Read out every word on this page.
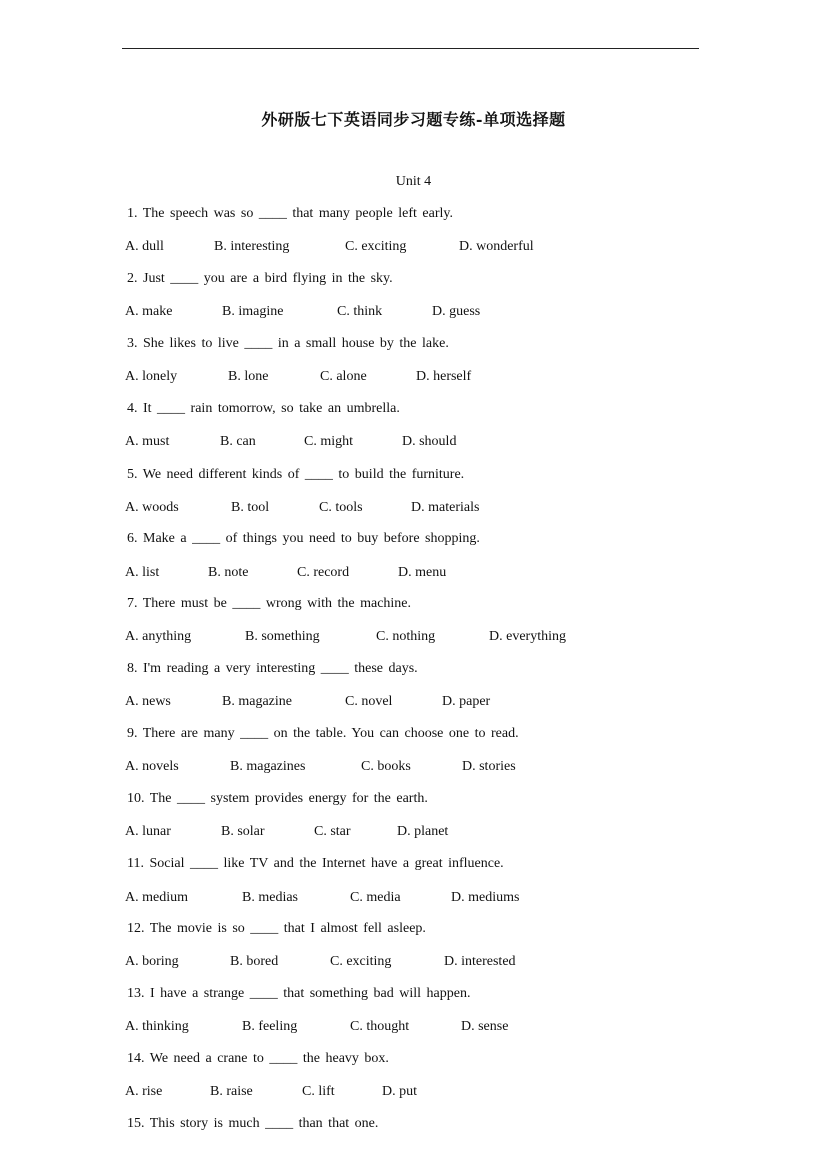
外研版七下英语同步习题专练-单项选择题
Unit 4
1. The speech was so ____ that many people left early.
A. dull	B. interesting	C. exciting	D. wonderful
2. Just ____ you are a bird flying in the sky.
A. make	B. imagine	C. think	D. guess
3. She likes to live ____ in a small house by the lake.
A. lonely	B. lone	C. alone	D. herself
4. It ____ rain tomorrow, so take an umbrella.
A. must	B. can	C. might	D. should
5. We need different kinds of ____ to build the furniture.
A. woods	B. tool	C. tools	D. materials
6. Make a ____ of things you need to buy before shopping.
A. list	B. note	C. record	D. menu
7. There must be ____ wrong with the machine.
A. anything	B. something	C. nothing	D. everything
8. I'm reading a very interesting ____ these days.
A. news	B. magazine	C. novel	D. paper
9. There are many ____ on the table. You can choose one to read.
A. novels	B. magazines	C. books	D. stories
10. The ____ system provides energy for the earth.
A. lunar	B. solar	C. star	D. planet
11. Social ____ like TV and the Internet have a great influence.
A. medium	B. medias	C. media	D. mediums
12. The movie is so ____ that I almost fell asleep.
A. boring	B. bored	C. exciting	D. interested
13. I have a strange ____ that something bad will happen.
A. thinking	B. feeling	C. thought	D. sense
14. We need a crane to ____ the heavy box.
A. rise	B. raise	C. lift	D. put
15. This story is much ____ than that one.
